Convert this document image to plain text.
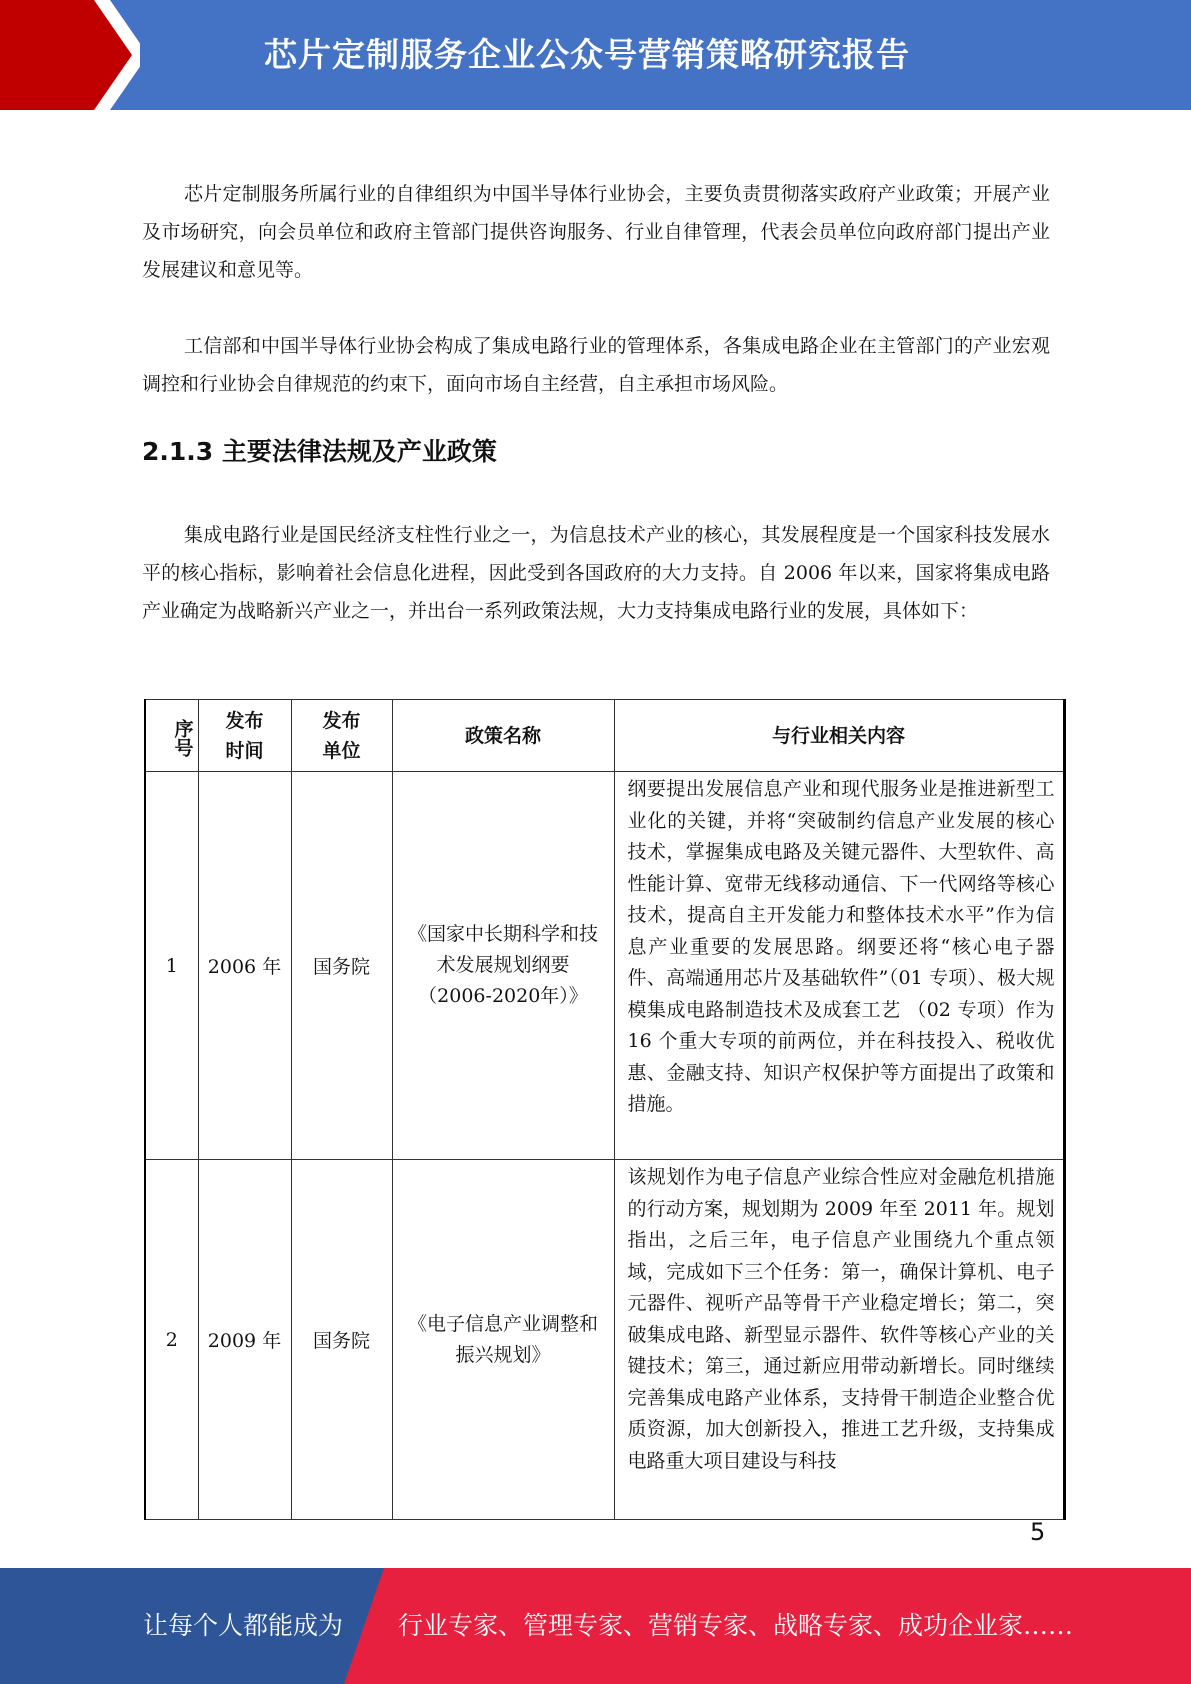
芯片定制服务企业公众号营销策略研究报告

芯片定制服务所属行业的自律组织为中国半导体行业协会，主要负责贯彻落实政府产业政策；开展产业及市场研究，向会员单位和政府主管部门提供咨询服务、行业自律管理，代表会员单位向政府部门提出产业发展建议和意见等。

工信部和中国半导体行业协会构成了集成电路行业的管理体系，各集成电路企业在主管部门的产业宏观调控和行业协会自律规范的约束下，面向市场自主经营，自主承担市场风险。

2.1.3 主要法律法规及产业政策

集成电路行业是国民经济支柱性行业之一，为信息技术产业的核心，其发展程度是一个国家科技发展水平的核心指标，影响着社会信息化进程，因此受到各国政府的大力支持。自 2006 年以来，国家将集成电路产业确定为战略新兴产业之一，并出台一系列政策法规，大力支持集成电路行业的发展，具体如下：

序号	发布时间	发布单位	政策名称	与行业相关内容
1	2006 年	国务院	《国家中长期科学和技术发展规划纲要（2006-2020年）》	纲要提出发展信息产业和现代服务业是推进新型工业化的关键，并将“突破制约信息产业发展的核心技术，掌握集成电路及关键元器件、大型软件、高性能计算、宽带无线移动通信、下一代网络等核心技术，提高自主开发能力和整体技术水平”作为信息产业重要的发展思路。纲要还将“核心电子器件、高端通用芯片及基础软件”（01 专项）、极大规模集成电路制造技术及成套工艺 （02 专项）作为 16 个重大专项的前两位，并在科技投入、税收优惠、金融支持、知识产权保护等方面提出了政策和措施。
2	2009 年	国务院	《电子信息产业调整和振兴规划》	该规划作为电子信息产业综合性应对金融危机措施的行动方案，规划期为 2009 年至 2011 年。规划指出，之后三年，电子信息产业围绕九个重点领域，完成如下三个任务：第一，确保计算机、电子元器件、视听产品等骨干产业稳定增长；第二，突破集成电路、新型显示器件、软件等核心产业的关键技术；第三，通过新应用带动新增长。同时继续完善集成电路产业体系，支持骨干制造企业整合优质资源，加大创新投入，推进工艺升级，支持集成电路重大项目建设与科技
5
让每个人都能成为 行业专家、管理专家、营销专家、战略专家、成功企业家……
